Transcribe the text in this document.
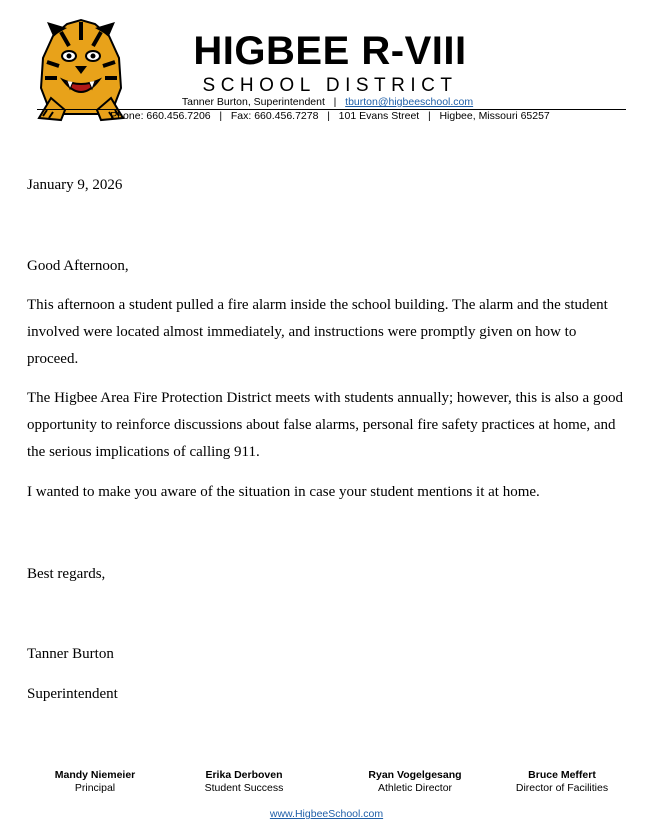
HIGBEE R-VIII
SCHOOL DISTRICT
Tanner Burton, Superintendent | tburton@higbeeschool.com
Phone: 660.456.7206   |   Fax: 660.456.7278   |   101 Evans Street   |   Higbee, Missouri 65257
January 9, 2026
Good Afternoon,
This afternoon a student pulled a fire alarm inside the school building. The alarm and the student involved were located almost immediately, and instructions were promptly given on how to proceed.
The Higbee Area Fire Protection District meets with students annually; however, this is also a good opportunity to reinforce discussions about false alarms, personal fire safety practices at home, and the serious implications of calling 911.
I wanted to make you aware of the situation in case your student mentions it at home.
Best regards,
Tanner Burton
Superintendent
Mandy Niemeier
Principal
Erika Derboven
Student Success
Ryan Vogelgesang
Athletic Director
Bruce Meffert
Director of Facilities
www.HigbeeSchool.com
